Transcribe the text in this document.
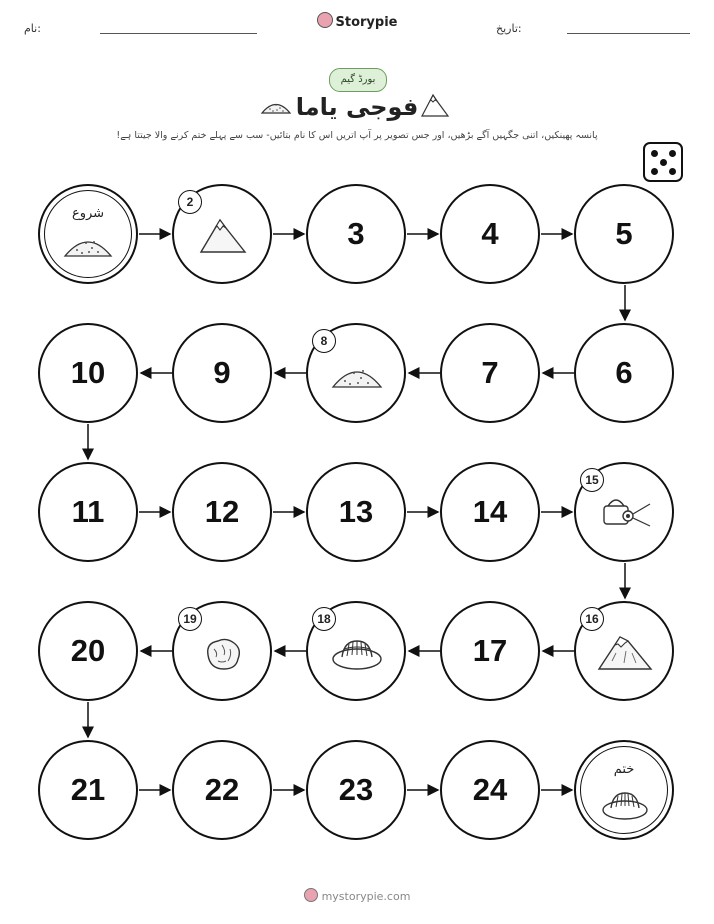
نام:	Storypie	تاریخ:
بورڈ گیم
فوجی یاما
پانسہ پھینکیں، اتنی جگہیں آگے بڑھیں، اور جس تصویر پر آپ اتریں اس کا نام بتائیں- سب سے پہلے ختم کرنے والا جیتتا ہے!
شروع
2
3	4	5
10	9
8
7	6
11	12	13	14
15
20
19	18
17
16
21	22	23	24
ختم
mystorypie.com
